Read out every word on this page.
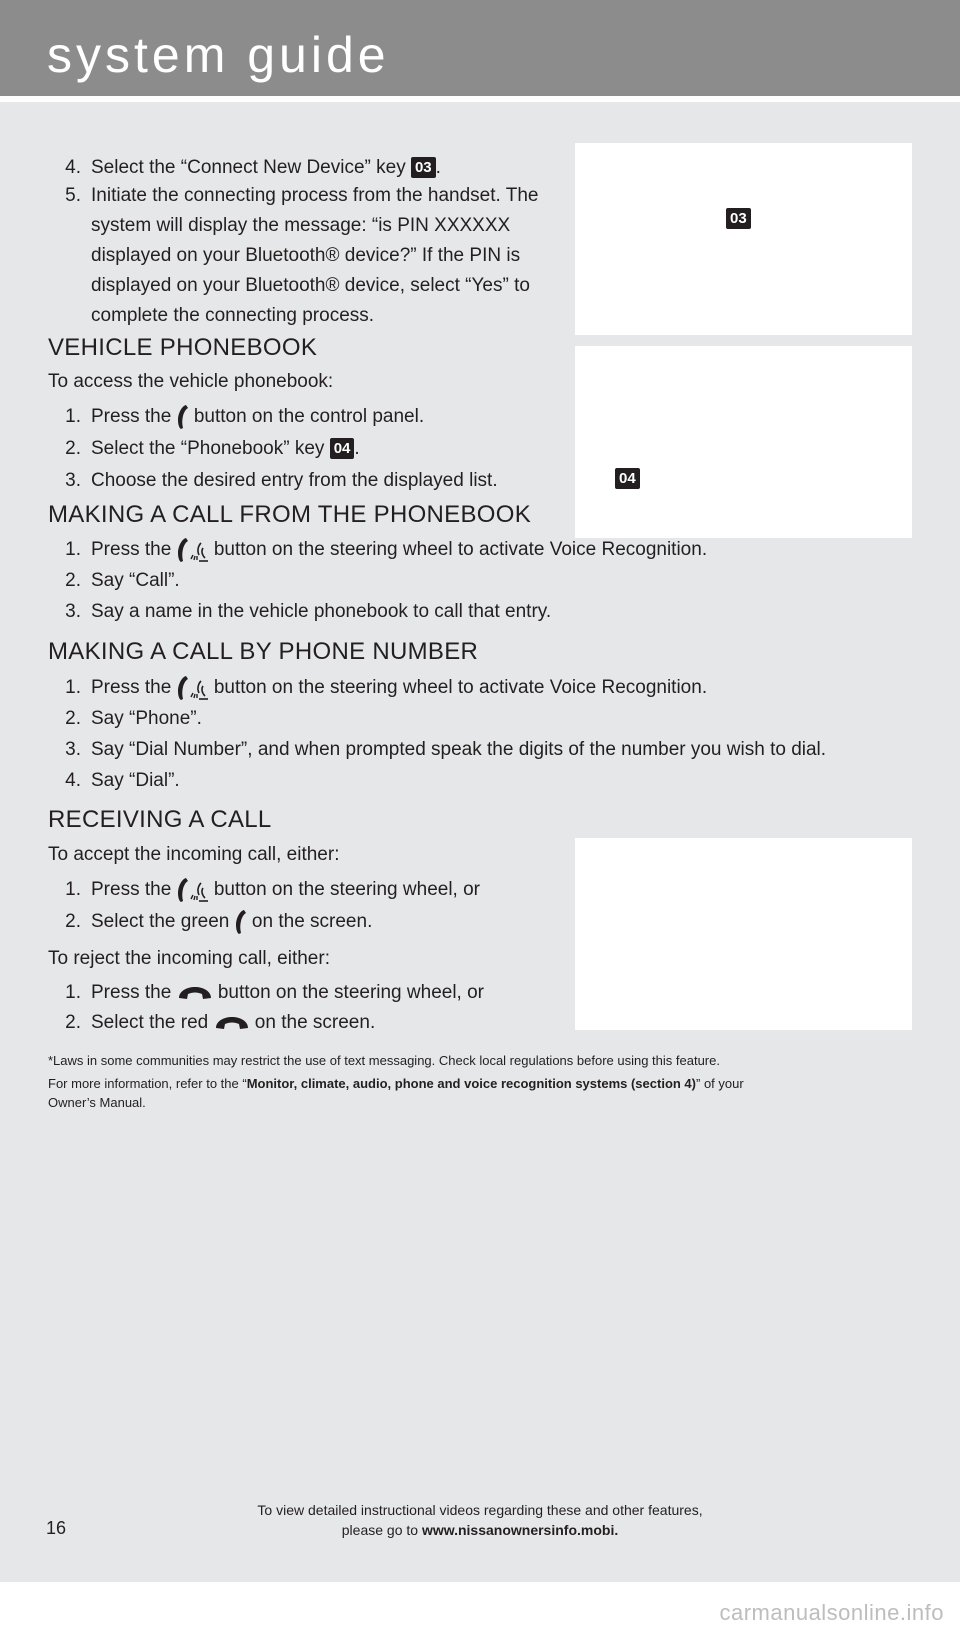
system guide
03
04
4. Select the “Connect New Device” key 03 .
5. Initiate the connecting process from the handset. The
system will display the message: “is PIN XXXXXX
displayed on your Bluetooth® device?” If the PIN is
displayed on your Bluetooth® device, select “Yes” to
complete the connecting process.
VEHICLE PHONEBOOK
To access the vehicle phonebook:
1. Press the  button on the control panel.
2. Select the “Phonebook” key 04 .
3. Choose the desired entry from the displayed list.
MAKING A CALL FROM THE PHONEBOOK
1. Press the  button on the steering wheel to activate Voice Recognition.
2. Say “Call”.
3. Say a name in the vehicle phonebook to call that entry.
MAKING A CALL BY PHONE NUMBER
1. Press the  button on the steering wheel to activate Voice Recognition.
2. Say “Phone”.
3. Say “Dial Number”, and when prompted speak the digits of the number you wish to dial.
4. Say “Dial”.
RECEIVING A CALL
To accept the incoming call, either:
1. Press the  button on the steering wheel, or
2. Select the green  on the screen.
To reject the incoming call, either:
1. Press the  button on the steering wheel, or
2. Select the red  on the screen.
*Laws in some communities may restrict the use of text messaging. Check local regulations before using this feature.
For more information, refer to the “Monitor, climate, audio, phone and voice recognition systems (section 4)” of your
Owner’s Manual.
To view detailed instructional videos regarding these and other features,
please go to www.nissanownersinfo.mobi.
16
carmanualsonline.info
